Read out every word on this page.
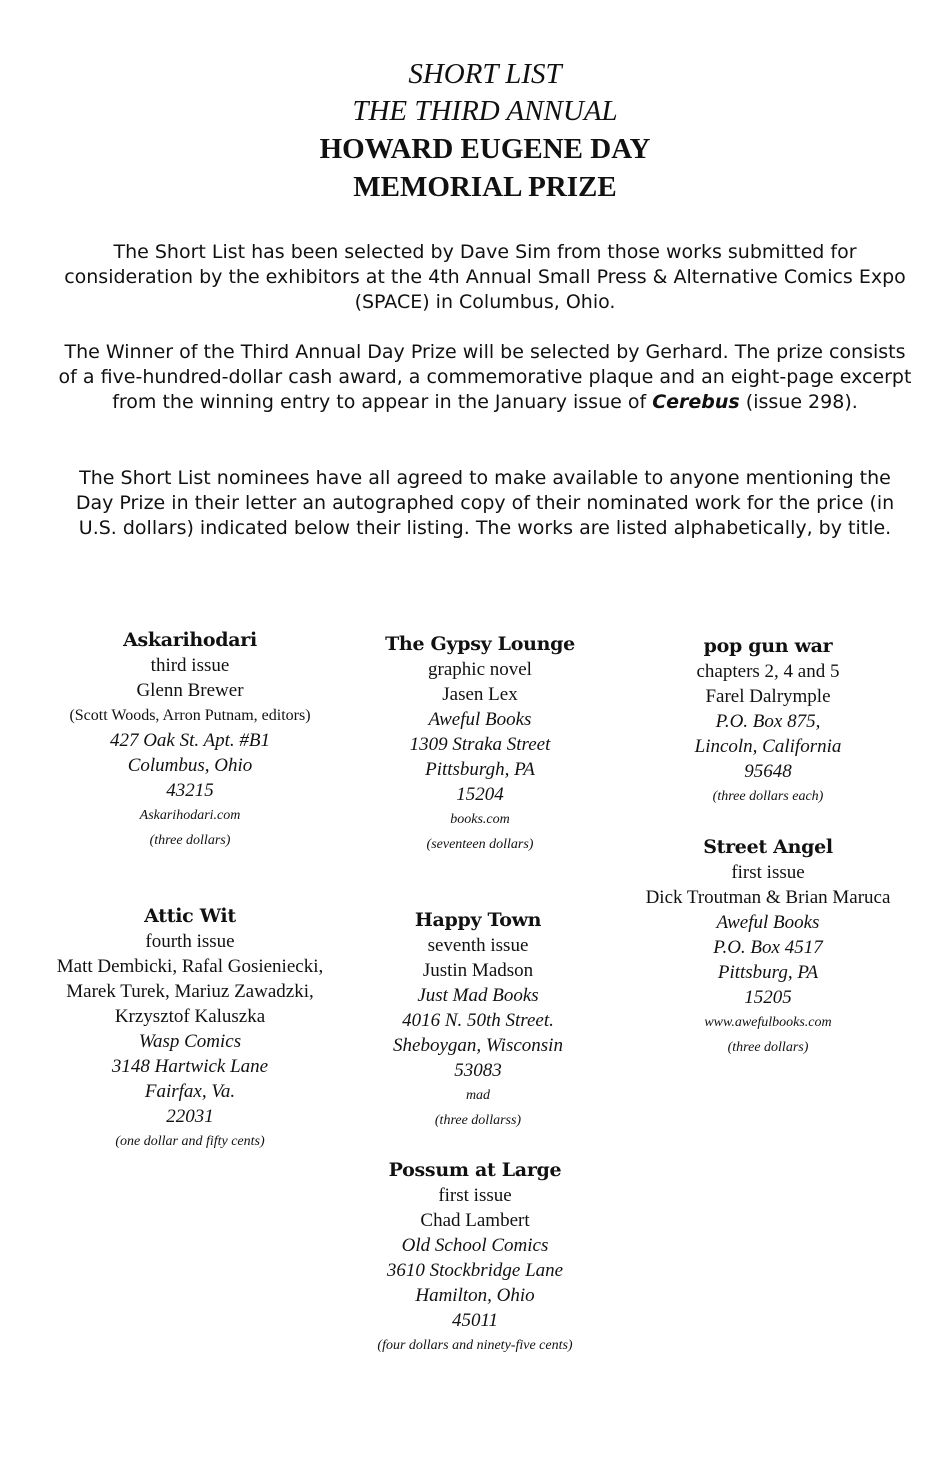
SHORT LIST
THE THIRD ANNUAL
HOWARD EUGENE DAY
MEMORIAL PRIZE

The Short List has been selected by Dave Sim from those works submitted for consideration by the exhibitors at the 4th Annual Small Press & Alternative Comics Expo (SPACE) in Columbus, Ohio.

The Winner of the Third Annual Day Prize will be selected by Gerhard. The prize consists of a five-hundred-dollar cash award, a commemorative plaque and an eight-page excerpt from the winning entry to appear in the January issue of Cerebus (issue 298).

The Short List nominees have all agreed to make available to anyone mentioning the Day Prize in their letter an autographed copy of their nominated work for the price (in U.S. dollars) indicated below their listing. The works are listed alphabetically, by title.

Askarihodari
third issue
Glenn Brewer
(Scott Woods, Arron Putnam, editors)
427 Oak St. Apt. #B1
Columbus, Ohio
43215
Askarihodari.com
(three dollars)
Attic Wit
fourth issue
Matt Dembicki, Rafal Gosieniecki,
Marek Turek, Mariuz Zawadzki,
Krzysztof Kaluszka
Wasp Comics
3148 Hartwick Lane
Fairfax, Va.
22031
(one dollar and fifty cents)
The Gypsy Lounge
graphic novel
Jasen Lex
Aweful Books
1309 Straka Street
Pittsburgh, PA
15204
books.com
(seventeen dollars)
Happy Town
seventh issue
Justin Madson
Just Mad Books
4016 N. 50th Street.
Sheboygan, Wisconsin
53083
mad
(three dollarss)
Possum at Large
first issue
Chad Lambert
Old School Comics
3610 Stockbridge Lane
Hamilton, Ohio
45011
(four dollars and ninety-five cents)
pop gun war
chapters 2, 4 and 5
Farel Dalrymple
P.O. Box 875,
Lincoln, California
95648
(three dollars each)
Street Angel
first issue
Dick Troutman & Brian Maruca
Aweful Books
P.O. Box 4517
Pittsburg, PA
15205
www.awefulbooks.com
(three dollars)
